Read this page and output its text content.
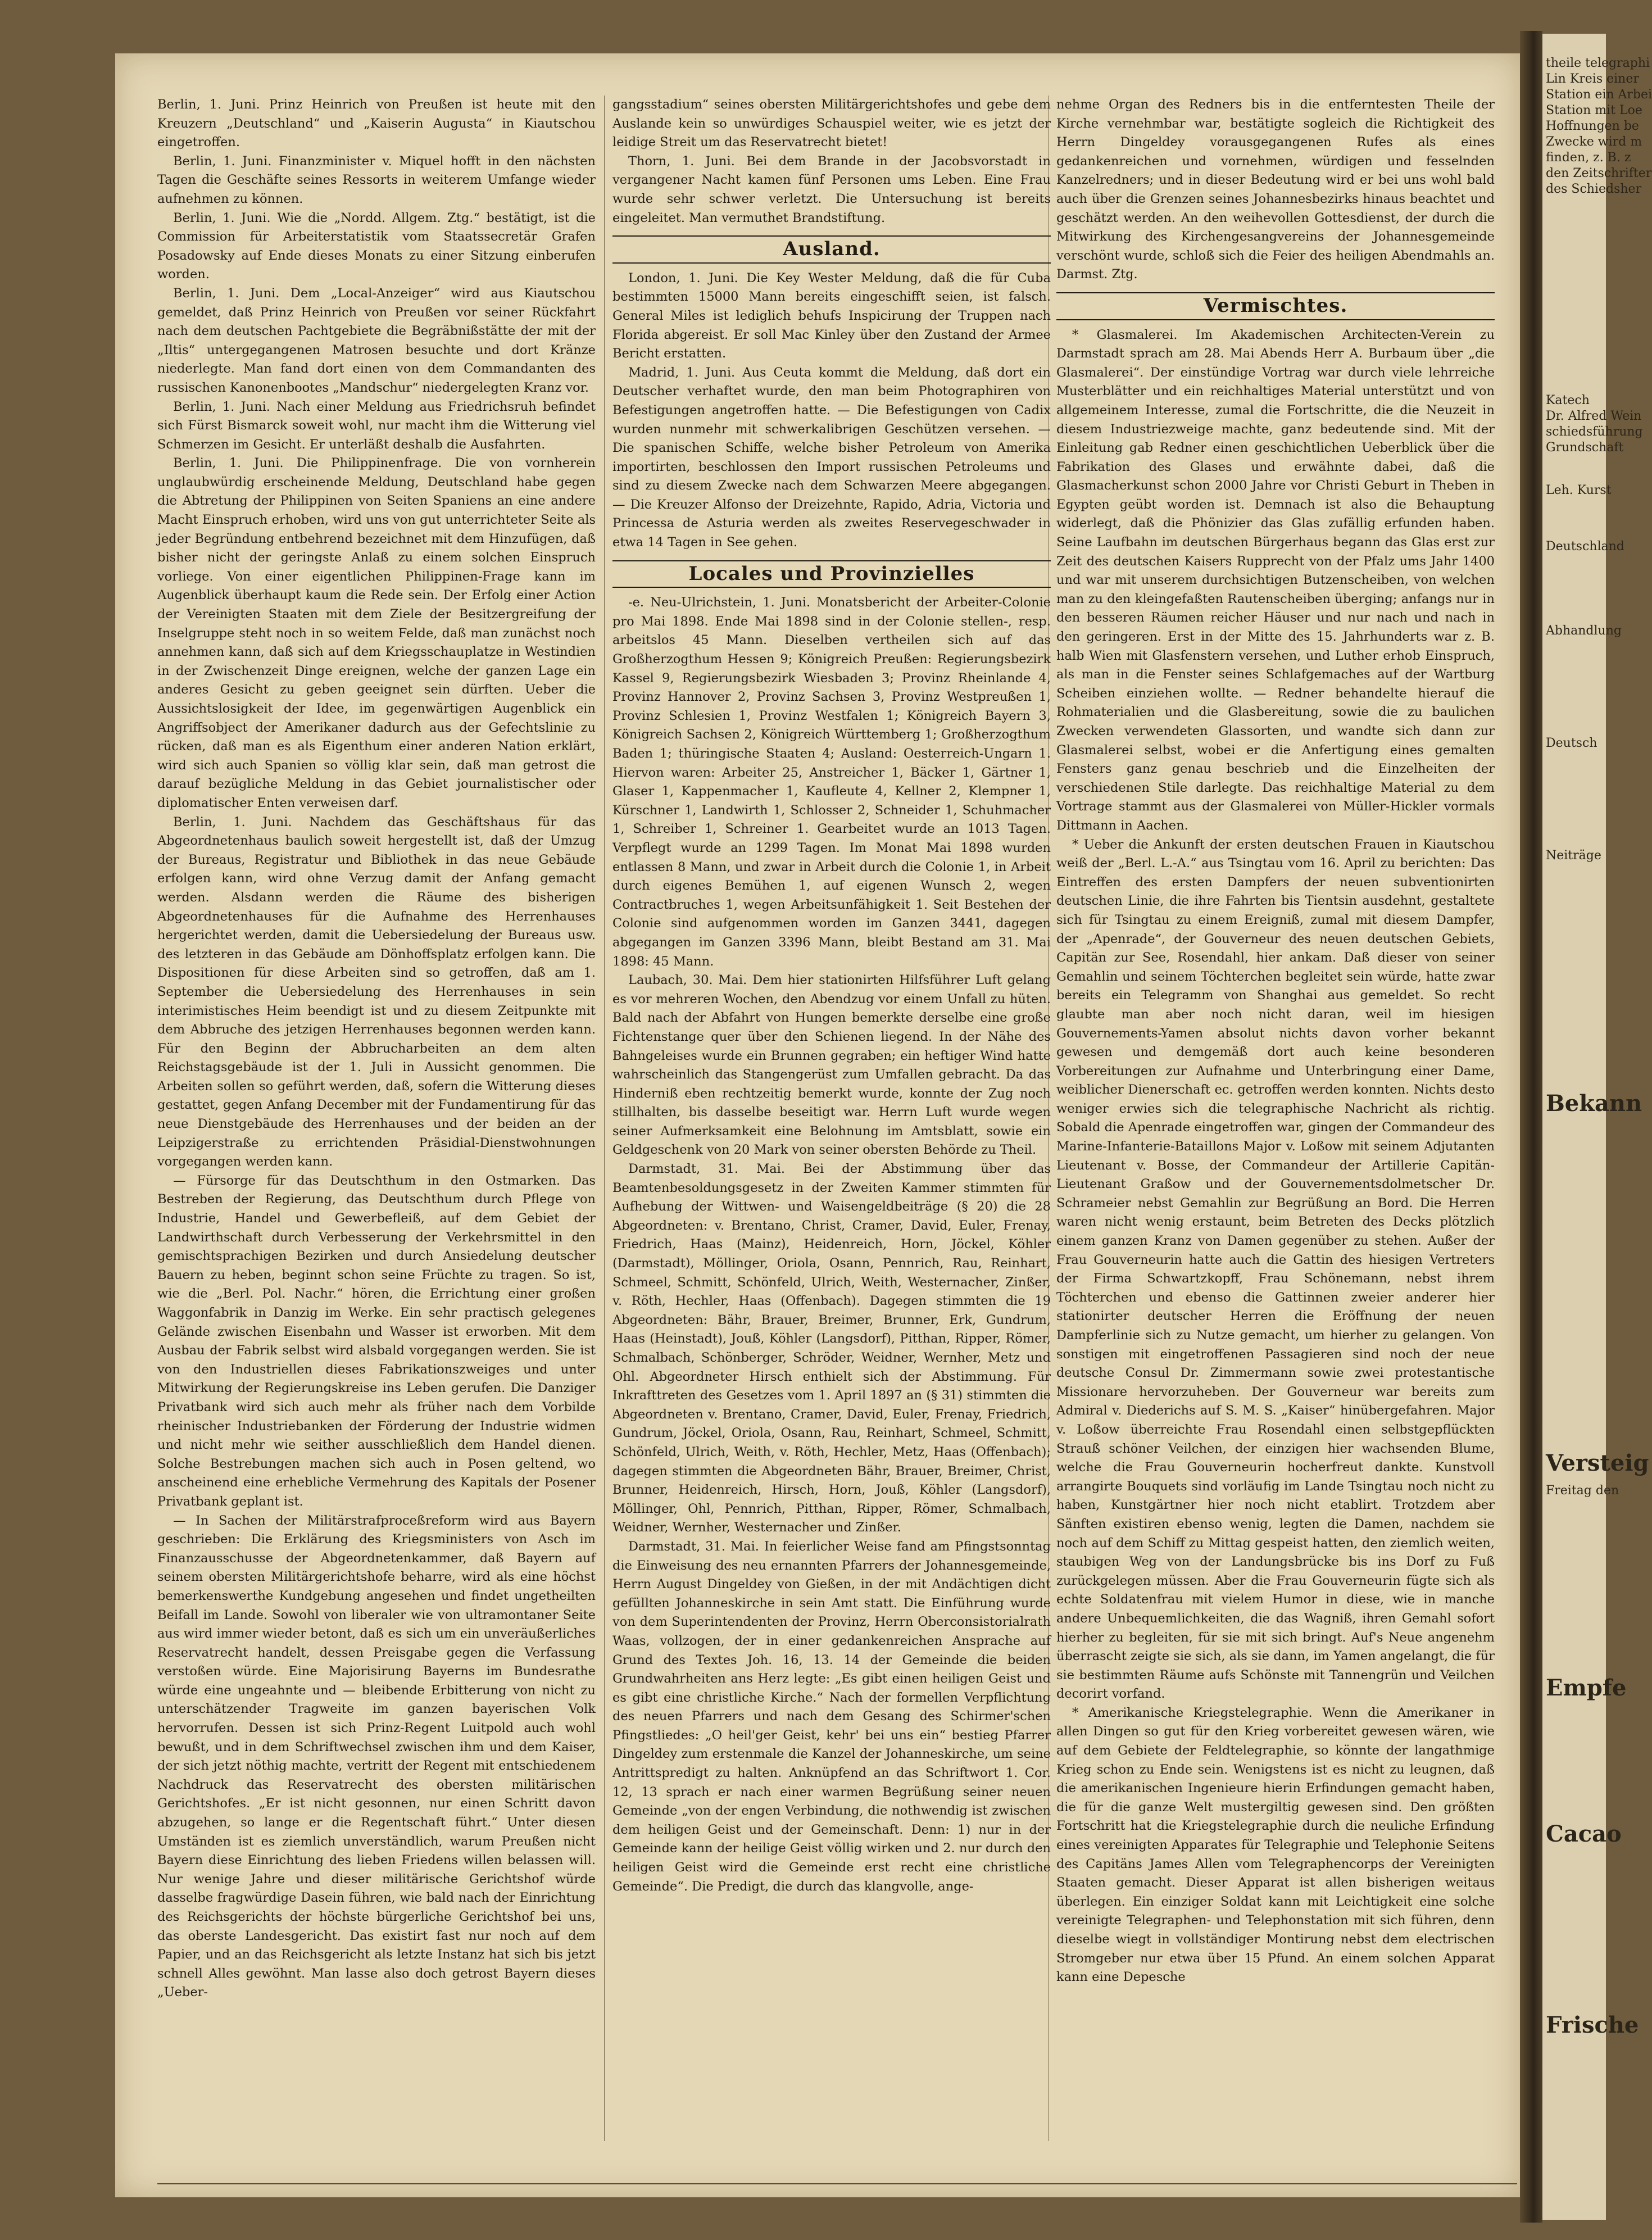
theile telegraphi
Lin Kreis einer
Station ein Arbei
Station mit Loe
Hoffnungen be
Zwecke wird m
finden, z. B. z
den Zeitschrifter
des Schiedsher
Katech
Dr. Alfred Wein
schiedsführung
Grundschaft
Leh. Kurst
Deutschland
Abhandlung
Deutsch
Neiträge
Bekann
Versteig
Freitag den
Empfe
Cacao
Frische

Berlin, 1. Juni. Prinz Heinrich von Preußen ist heute mit den Kreuzern „Deutschland“ und „Kaiserin Augusta“ in Kiautschou eingetroffen.

Berlin, 1. Juni. Finanzminister v. Miquel hofft in den nächsten Tagen die Geschäfte seines Ressorts in weiterem Umfange wieder aufnehmen zu können.

Berlin, 1. Juni. Wie die „Nordd. Allgem. Ztg.“ bestätigt, ist die Commission für Arbeiterstatistik vom Staatssecretär Grafen Posadowsky auf Ende dieses Monats zu einer Sitzung einberufen worden.

Berlin, 1. Juni. Dem „Local-Anzeiger“ wird aus Kiautschou gemeldet, daß Prinz Heinrich von Preußen vor seiner Rückfahrt nach dem deutschen Pachtgebiete die Begräbnißstätte der mit der „Iltis“ untergegangenen Matrosen besuchte und dort Kränze niederlegte. Man fand dort einen von dem Commandanten des russischen Kanonenbootes „Mandschur“ niedergelegten Kranz vor.

Berlin, 1. Juni. Nach einer Meldung aus Friedrichsruh befindet sich Fürst Bismarck soweit wohl, nur macht ihm die Witterung viel Schmerzen im Gesicht. Er unterläßt deshalb die Ausfahrten.

Berlin, 1. Juni. Die Philippinenfrage. Die von vornherein unglaubwürdig erscheinende Meldung, Deutschland habe gegen die Abtretung der Philippinen von Seiten Spaniens an eine andere Macht Einspruch erhoben, wird uns von gut unterrichteter Seite als jeder Begründung entbehrend bezeichnet mit dem Hinzufügen, daß bisher nicht der geringste Anlaß zu einem solchen Einspruch vorliege. Von einer eigentlichen Philippinen-Frage kann im Augenblick überhaupt kaum die Rede sein. Der Erfolg einer Action der Vereinigten Staaten mit dem Ziele der Besitzergreifung der Inselgruppe steht noch in so weitem Felde, daß man zunächst noch annehmen kann, daß sich auf dem Kriegsschauplatze in Westindien in der Zwischenzeit Dinge ereignen, welche der ganzen Lage ein anderes Gesicht zu geben geeignet sein dürften. Ueber die Aussichtslosigkeit der Idee, im gegenwärtigen Augenblick ein Angriffsobject der Amerikaner dadurch aus der Gefechtslinie zu rücken, daß man es als Eigenthum einer anderen Nation erklärt, wird sich auch Spanien so völlig klar sein, daß man getrost die darauf bezügliche Meldung in das Gebiet journalistischer oder diplomatischer Enten verweisen darf.

Berlin, 1. Juni. Nachdem das Geschäftshaus für das Abgeordnetenhaus baulich soweit hergestellt ist, daß der Umzug der Bureaus, Registratur und Bibliothek in das neue Gebäude erfolgen kann, wird ohne Verzug damit der Anfang gemacht werden. Alsdann werden die Räume des bisherigen Abgeordnetenhauses für die Aufnahme des Herrenhauses hergerichtet werden, damit die Uebersiedelung der Bureaus usw. des letzteren in das Gebäude am Dönhoffsplatz erfolgen kann. Die Dispositionen für diese Arbeiten sind so getroffen, daß am 1. September die Uebersiedelung des Herrenhauses in sein interimistisches Heim beendigt ist und zu diesem Zeitpunkte mit dem Abbruche des jetzigen Herrenhauses begonnen werden kann. Für den Beginn der Abbrucharbeiten an dem alten Reichstagsgebäude ist der 1. Juli in Aussicht genommen. Die Arbeiten sollen so geführt werden, daß, sofern die Witterung dieses gestattet, gegen Anfang December mit der Fundamentirung für das neue Dienstgebäude des Herrenhauses und der beiden an der Leipzigerstraße zu errichtenden Präsidial-Dienstwohnungen vorgegangen werden kann.

— Fürsorge für das Deutschthum in den Ostmarken. Das Bestreben der Regierung, das Deutschthum durch Pflege von Industrie, Handel und Gewerbefleiß, auf dem Gebiet der Landwirthschaft durch Verbesserung der Verkehrsmittel in den gemischtsprachigen Bezirken und durch Ansiedelung deutscher Bauern zu heben, beginnt schon seine Früchte zu tragen. So ist, wie die „Berl. Pol. Nachr.“ hören, die Errichtung einer großen Waggonfabrik in Danzig im Werke. Ein sehr practisch gelegenes Gelände zwischen Eisenbahn und Wasser ist erworben. Mit dem Ausbau der Fabrik selbst wird alsbald vorgegangen werden. Sie ist von den Industriellen dieses Fabrikationszweiges und unter Mitwirkung der Regierungskreise ins Leben gerufen. Die Danziger Privatbank wird sich auch mehr als früher nach dem Vorbilde rheinischer Industriebanken der Förderung der Industrie widmen und nicht mehr wie seither ausschließlich dem Handel dienen. Solche Bestrebungen machen sich auch in Posen geltend, wo anscheinend eine erhebliche Vermehrung des Kapitals der Posener Privatbank geplant ist.

— In Sachen der Militärstrafproceßreform wird aus Bayern geschrieben: Die Erklärung des Kriegsministers von Asch im Finanzausschusse der Abgeordnetenkammer, daß Bayern auf seinem obersten Militärgerichtshofe beharre, wird als eine höchst bemerkenswerthe Kundgebung angesehen und findet ungetheilten Beifall im Lande. Sowohl von liberaler wie von ultramontaner Seite aus wird immer wieder betont, daß es sich um ein unveräußerliches Reservatrecht handelt, dessen Preisgabe gegen die Verfassung verstoßen würde. Eine Majorisirung Bayerns im Bundesrathe würde eine ungeahnte und — bleibende Erbitterung von nicht zu unterschätzender Tragweite im ganzen bayerischen Volk hervorrufen. Dessen ist sich Prinz-Regent Luitpold auch wohl bewußt, und in dem Schriftwechsel zwischen ihm und dem Kaiser, der sich jetzt nöthig machte, vertritt der Regent mit entschiedenem Nachdruck das Reservatrecht des obersten militärischen Gerichtshofes. „Er ist nicht gesonnen, nur einen Schritt davon abzugehen, so lange er die Regentschaft führt.“ Unter diesen Umständen ist es ziemlich unverständlich, warum Preußen nicht Bayern diese Einrichtung des lieben Friedens willen belassen will. Nur wenige Jahre und dieser militärische Gerichtshof würde dasselbe fragwürdige Dasein führen, wie bald nach der Einrichtung des Reichsgerichts der höchste bürgerliche Gerichtshof bei uns, das oberste Landesgericht. Das existirt fast nur noch auf dem Papier, und an das Reichsgericht als letzte Instanz hat sich bis jetzt schnell Alles gewöhnt. Man lasse also doch getrost Bayern dieses „Ueber-

gangsstadium“ seines obersten Militärgerichtshofes und gebe dem Auslande kein so unwürdiges Schauspiel weiter, wie es jetzt der leidige Streit um das Reservatrecht bietet!

Thorn, 1. Juni. Bei dem Brande in der Jacobsvorstadt in vergangener Nacht kamen fünf Personen ums Leben. Eine Frau wurde sehr schwer verletzt. Die Untersuchung ist bereits eingeleitet. Man vermuthet Brandstiftung.

Ausland.

London, 1. Juni. Die Key Wester Meldung, daß die für Cuba bestimmten 15000 Mann bereits eingeschifft seien, ist falsch. General Miles ist lediglich behufs Inspicirung der Truppen nach Florida abgereist. Er soll Mac Kinley über den Zustand der Armee Bericht erstatten.

Madrid, 1. Juni. Aus Ceuta kommt die Meldung, daß dort ein Deutscher verhaftet wurde, den man beim Photographiren von Befestigungen angetroffen hatte. — Die Befestigungen von Cadix wurden nunmehr mit schwerkalibrigen Geschützen versehen. — Die spanischen Schiffe, welche bisher Petroleum von Amerika importirten, beschlossen den Import russischen Petroleums und sind zu diesem Zwecke nach dem Schwarzen Meere abgegangen. — Die Kreuzer Alfonso der Dreizehnte, Rapido, Adria, Victoria und Princessa de Asturia werden als zweites Reservegeschwader in etwa 14 Tagen in See gehen.

Locales und Provinzielles

-e. Neu-Ulrichstein, 1. Juni. Monatsbericht der Arbeiter-Colonie pro Mai 1898. Ende Mai 1898 sind in der Colonie stellen-, resp. arbeitslos 45 Mann. Dieselben vertheilen sich auf das Großherzogthum Hessen 9; Königreich Preußen: Regierungsbezirk Kassel 9, Regierungsbezirk Wiesbaden 3; Provinz Rheinlande 4, Provinz Hannover 2, Provinz Sachsen 3, Provinz Westpreußen 1, Provinz Schlesien 1, Provinz Westfalen 1; Königreich Bayern 3, Königreich Sachsen 2, Königreich Württemberg 1; Großherzogthum Baden 1; thüringische Staaten 4; Ausland: Oesterreich-Ungarn 1. Hiervon waren: Arbeiter 25, Anstreicher 1, Bäcker 1, Gärtner 1, Glaser 1, Kappenmacher 1, Kaufleute 4, Kellner 2, Klempner 1, Kürschner 1, Landwirth 1, Schlosser 2, Schneider 1, Schuhmacher 1, Schreiber 1, Schreiner 1. Gearbeitet wurde an 1013 Tagen. Verpflegt wurde an 1299 Tagen. Im Monat Mai 1898 wurden entlassen 8 Mann, und zwar in Arbeit durch die Colonie 1, in Arbeit durch eigenes Bemühen 1, auf eigenen Wunsch 2, wegen Contractbruches 1, wegen Arbeitsunfähigkeit 1. Seit Bestehen der Colonie sind aufgenommen worden im Ganzen 3441, dagegen abgegangen im Ganzen 3396 Mann, bleibt Bestand am 31. Mai 1898: 45 Mann.

Laubach, 30. Mai. Dem hier stationirten Hilfsführer Luft gelang es vor mehreren Wochen, den Abendzug vor einem Unfall zu hüten. Bald nach der Abfahrt von Hungen bemerkte derselbe eine große Fichtenstange quer über den Schienen liegend. In der Nähe des Bahngeleises wurde ein Brunnen gegraben; ein heftiger Wind hatte wahrscheinlich das Stangengerüst zum Umfallen gebracht. Da das Hinderniß eben rechtzeitig bemerkt wurde, konnte der Zug noch stillhalten, bis dasselbe beseitigt war. Herrn Luft wurde wegen seiner Aufmerksamkeit eine Belohnung im Amtsblatt, sowie ein Geldgeschenk von 20 Mark von seiner obersten Behörde zu Theil.

Darmstadt, 31. Mai. Bei der Abstimmung über das Beamtenbesoldungsgesetz in der Zweiten Kammer stimmten für Aufhebung der Wittwen- und Waisengeldbeiträge (§ 20) die 28 Abgeordneten: v. Brentano, Christ, Cramer, David, Euler, Frenay, Friedrich, Haas (Mainz), Heidenreich, Horn, Jöckel, Köhler (Darmstadt), Möllinger, Oriola, Osann, Pennrich, Rau, Reinhart, Schmeel, Schmitt, Schönfeld, Ulrich, Weith, Westernacher, Zinßer, v. Röth, Hechler, Haas (Offenbach). Dagegen stimmten die 19 Abgeordneten: Bähr, Brauer, Breimer, Brunner, Erk, Gundrum, Haas (Heinstadt), Jouß, Köhler (Langsdorf), Pitthan, Ripper, Römer, Schmalbach, Schönberger, Schröder, Weidner, Wernher, Metz und Ohl. Abgeordneter Hirsch enthielt sich der Abstimmung. Für Inkrafttreten des Gesetzes vom 1. April 1897 an (§ 31) stimmten die Abgeordneten v. Brentano, Cramer, David, Euler, Frenay, Friedrich, Gundrum, Jöckel, Oriola, Osann, Rau, Reinhart, Schmeel, Schmitt, Schönfeld, Ulrich, Weith, v. Röth, Hechler, Metz, Haas (Offenbach); dagegen stimmten die Abgeordneten Bähr, Brauer, Breimer, Christ, Brunner, Heidenreich, Hirsch, Horn, Jouß, Köhler (Langsdorf), Möllinger, Ohl, Pennrich, Pitthan, Ripper, Römer, Schmalbach, Weidner, Wernher, Westernacher und Zinßer.

Darmstadt, 31. Mai. In feierlicher Weise fand am Pfingstsonntag die Einweisung des neu ernannten Pfarrers der Johannesgemeinde, Herrn August Dingeldey von Gießen, in der mit Andächtigen dicht gefüllten Johanneskirche in sein Amt statt. Die Einführung wurde von dem Superintendenten der Provinz, Herrn Oberconsistorialrath Waas, vollzogen, der in einer gedankenreichen Ansprache auf Grund des Textes Joh. 16, 13. 14 der Gemeinde die beiden Grundwahrheiten ans Herz legte: „Es gibt einen heiligen Geist und es gibt eine christliche Kirche.“ Nach der formellen Verpflichtung des neuen Pfarrers und nach dem Gesang des Schirmer'schen Pfingstliedes: „O heil'ger Geist, kehr' bei uns ein“ bestieg Pfarrer Dingeldey zum erstenmale die Kanzel der Johanneskirche, um seine Antrittspredigt zu halten. Anknüpfend an das Schriftwort 1. Cor. 12, 13 sprach er nach einer warmen Begrüßung seiner neuen Gemeinde „von der engen Verbindung, die nothwendig ist zwischen dem heiligen Geist und der Gemeinschaft. Denn: 1) nur in der Gemeinde kann der heilige Geist völlig wirken und 2. nur durch den heiligen Geist wird die Gemeinde erst recht eine christliche Gemeinde“. Die Predigt, die durch das klangvolle, ange-

nehme Organ des Redners bis in die entferntesten Theile der Kirche vernehmbar war, bestätigte sogleich die Richtigkeit des Herrn Dingeldey vorausgegangenen Rufes als eines gedankenreichen und vornehmen, würdigen und fesselnden Kanzelredners; und in dieser Bedeutung wird er bei uns wohl bald auch über die Grenzen seines Johannesbezirks hinaus beachtet und geschätzt werden. An den weihevollen Gottesdienst, der durch die Mitwirkung des Kirchengesangvereins der Johannesgemeinde verschönt wurde, schloß sich die Feier des heiligen Abendmahls an. Darmst. Ztg.

Vermischtes.

* Glasmalerei. Im Akademischen Architecten-Verein zu Darmstadt sprach am 28. Mai Abends Herr A. Burbaum über „die Glasmalerei“. Der einstündige Vortrag war durch viele lehrreiche Musterblätter und ein reichhaltiges Material unterstützt und von allgemeinem Interesse, zumal die Fortschritte, die die Neuzeit in diesem Industriezweige machte, ganz bedeutende sind. Mit der Einleitung gab Redner einen geschichtlichen Ueberblick über die Fabrikation des Glases und erwähnte dabei, daß die Glasmacherkunst schon 2000 Jahre vor Christi Geburt in Theben in Egypten geübt worden ist. Demnach ist also die Behauptung widerlegt, daß die Phönizier das Glas zufällig erfunden haben. Seine Laufbahn im deutschen Bürgerhaus begann das Glas erst zur Zeit des deutschen Kaisers Rupprecht von der Pfalz ums Jahr 1400 und war mit unserem durchsichtigen Butzenscheiben, von welchen man zu den kleingefaßten Rautenscheiben überging; anfangs nur in den besseren Räumen reicher Häuser und nur nach und nach in den geringeren. Erst in der Mitte des 15. Jahrhunderts war z. B. halb Wien mit Glasfenstern versehen, und Luther erhob Einspruch, als man in die Fenster seines Schlafgemaches auf der Wartburg Scheiben einziehen wollte. — Redner behandelte hierauf die Rohmaterialien und die Glasbereitung, sowie die zu baulichen Zwecken verwendeten Glassorten, und wandte sich dann zur Glasmalerei selbst, wobei er die Anfertigung eines gemalten Fensters ganz genau beschrieb und die Einzelheiten der verschiedenen Stile darlegte. Das reichhaltige Material zu dem Vortrage stammt aus der Glasmalerei von Müller-Hickler vormals Dittmann in Aachen.

* Ueber die Ankunft der ersten deutschen Frauen in Kiautschou weiß der „Berl. L.-A.“ aus Tsingtau vom 16. April zu berichten: Das Eintreffen des ersten Dampfers der neuen subventionirten deutschen Linie, die ihre Fahrten bis Tientsin ausdehnt, gestaltete sich für Tsingtau zu einem Ereigniß, zumal mit diesem Dampfer, der „Apenrade“, der Gouverneur des neuen deutschen Gebiets, Capitän zur See, Rosendahl, hier ankam. Daß dieser von seiner Gemahlin und seinem Töchterchen begleitet sein würde, hatte zwar bereits ein Telegramm von Shanghai aus gemeldet. So recht glaubte man aber noch nicht daran, weil im hiesigen Gouvernements-Yamen absolut nichts davon vorher bekannt gewesen und demgemäß dort auch keine besonderen Vorbereitungen zur Aufnahme und Unterbringung einer Dame, weiblicher Dienerschaft ec. getroffen werden konnten. Nichts desto weniger erwies sich die telegraphische Nachricht als richtig. Sobald die Apenrade eingetroffen war, gingen der Commandeur des Marine-Infanterie-Bataillons Major v. Loßow mit seinem Adjutanten Lieutenant v. Bosse, der Commandeur der Artillerie Capitän-Lieutenant Graßow und der Gouvernementsdolmetscher Dr. Schrameier nebst Gemahlin zur Begrüßung an Bord. Die Herren waren nicht wenig erstaunt, beim Betreten des Decks plötzlich einem ganzen Kranz von Damen gegenüber zu stehen. Außer der Frau Gouverneurin hatte auch die Gattin des hiesigen Vertreters der Firma Schwartzkopff, Frau Schönemann, nebst ihrem Töchterchen und ebenso die Gattinnen zweier anderer hier stationirter deutscher Herren die Eröffnung der neuen Dampferlinie sich zu Nutze gemacht, um hierher zu gelangen. Von sonstigen mit eingetroffenen Passagieren sind noch der neue deutsche Consul Dr. Zimmermann sowie zwei protestantische Missionare hervorzuheben. Der Gouverneur war bereits zum Admiral v. Diederichs auf S. M. S. „Kaiser“ hinübergefahren. Major v. Loßow überreichte Frau Rosendahl einen selbstgepflückten Strauß schöner Veilchen, der einzigen hier wachsenden Blume, welche die Frau Gouverneurin hocherfreut dankte. Kunstvoll arrangirte Bouquets sind vorläufig im Lande Tsingtau noch nicht zu haben, Kunstgärtner hier noch nicht etablirt. Trotzdem aber Sänften existiren ebenso wenig, legten die Damen, nachdem sie noch auf dem Schiff zu Mittag gespeist hatten, den ziemlich weiten, staubigen Weg von der Landungsbrücke bis ins Dorf zu Fuß zurückgelegen müssen. Aber die Frau Gouverneurin fügte sich als echte Soldatenfrau mit vielem Humor in diese, wie in manche andere Unbequemlichkeiten, die das Wagniß, ihren Gemahl sofort hierher zu begleiten, für sie mit sich bringt. Auf's Neue angenehm überrascht zeigte sie sich, als sie dann, im Yamen angelangt, die für sie bestimmten Räume aufs Schönste mit Tannengrün und Veilchen decorirt vorfand.

* Amerikanische Kriegstelegraphie. Wenn die Amerikaner in allen Dingen so gut für den Krieg vorbereitet gewesen wären, wie auf dem Gebiete der Feldtelegraphie, so könnte der langathmige Krieg schon zu Ende sein. Wenigstens ist es nicht zu leugnen, daß die amerikanischen Ingenieure hierin Erfindungen gemacht haben, die für die ganze Welt mustergiltig gewesen sind. Den größten Fortschritt hat die Kriegstelegraphie durch die neuliche Erfindung eines vereinigten Apparates für Telegraphie und Telephonie Seitens des Capitäns James Allen vom Telegraphencorps der Vereinigten Staaten gemacht. Dieser Apparat ist allen bisherigen weitaus überlegen. Ein einziger Soldat kann mit Leichtigkeit eine solche vereinigte Telegraphen- und Telephonstation mit sich führen, denn dieselbe wiegt in vollständiger Montirung nebst dem electrischen Stromgeber nur etwa über 15 Pfund. An einem solchen Apparat kann eine Depesche
